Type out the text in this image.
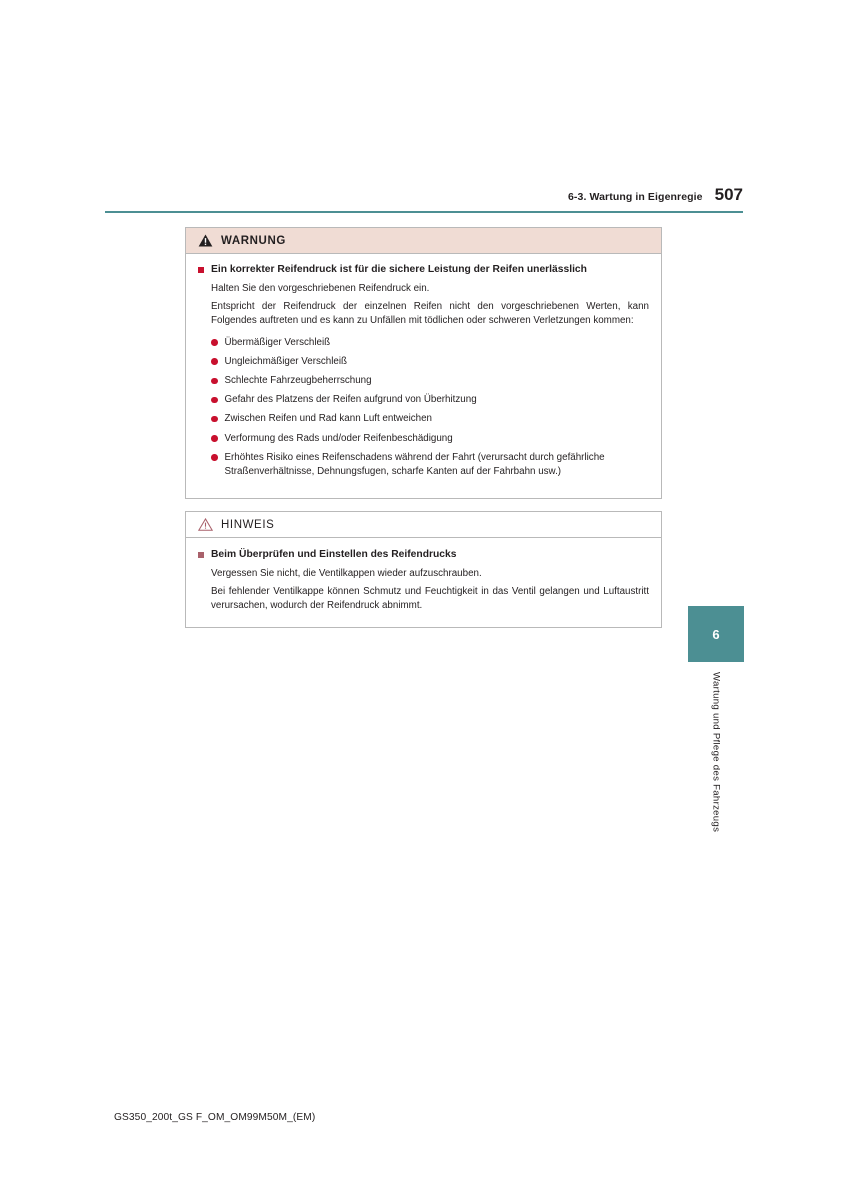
6-3. Wartung in Eigenregie 507
WARNUNG
Ein korrekter Reifendruck ist für die sichere Leistung der Reifen unerlässlich

Halten Sie den vorgeschriebenen Reifendruck ein.

Entspricht der Reifendruck der einzelnen Reifen nicht den vorgeschriebenen Werten, kann Folgendes auftreten und es kann zu Unfällen mit tödlichen oder schweren Verletzungen kommen:

Übermäßiger Verschleiß
Ungleichmäßiger Verschleiß
Schlechte Fahrzeugbeherrschung
Gefahr des Platzens der Reifen aufgrund von Überhitzung
Zwischen Reifen und Rad kann Luft entweichen
Verformung des Rads und/oder Reifenbeschädigung
Erhöhtes Risiko eines Reifenschadens während der Fahrt (verursacht durch gefährliche
Straßenverhältnisse, Dehnungsfugen, scharfe Kanten auf der Fahrbahn usw.)
HINWEIS
Beim Überprüfen und Einstellen des Reifendrucks

Vergessen Sie nicht, die Ventilkappen wieder aufzuschrauben.

Bei fehlender Ventilkappe können Schmutz und Feuchtigkeit in das Ventil gelangen und Luftaustritt verursachen, wodurch der Reifendruck abnimmt.

6
Wartung und Pflege des Fahrzeugs
GS350_200t_GS F_OM_OM99M50M_(EM)
